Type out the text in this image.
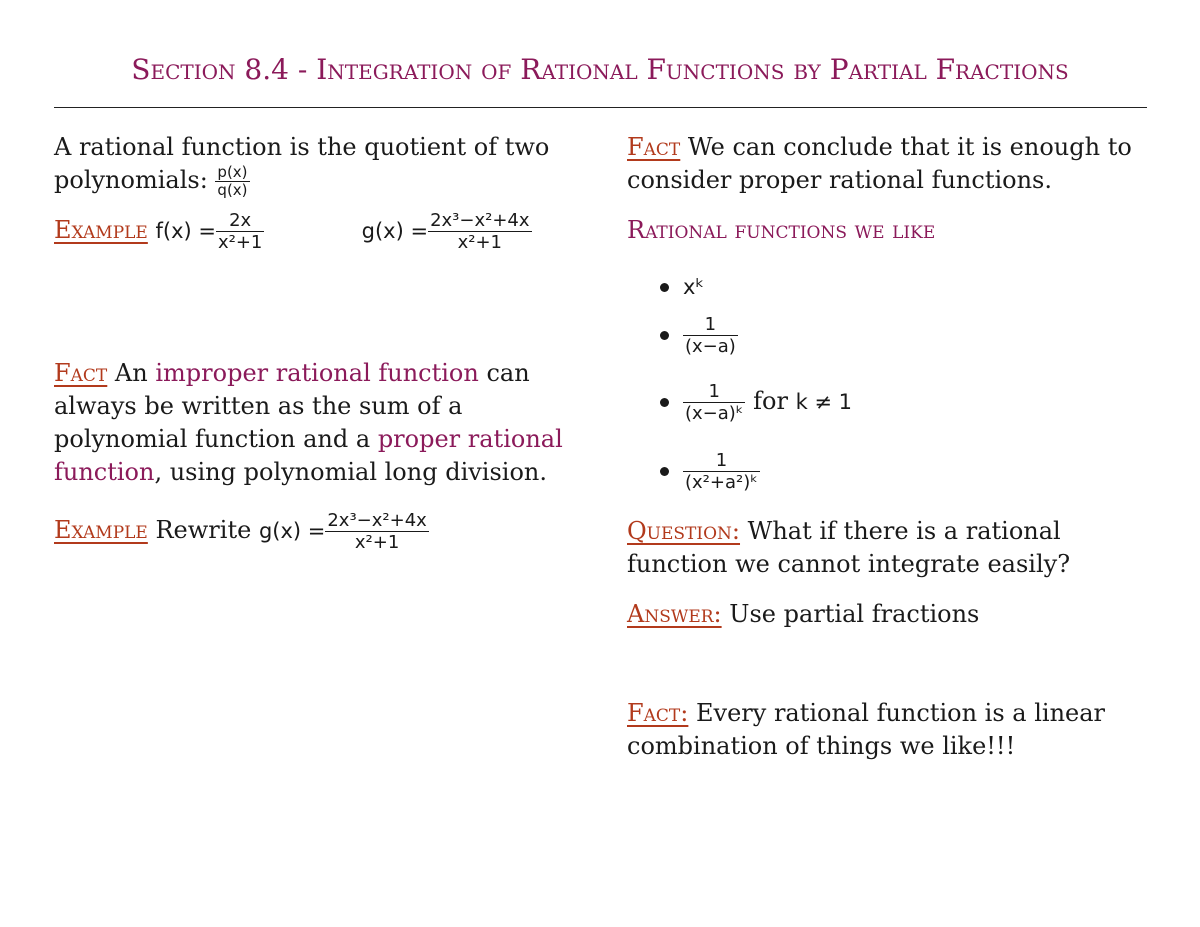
Section 8.4 - Integration of Rational Functions by Partial Fractions
A rational function is the quotient of two
polynomials: $\frac{p(x)}{q(x)}$
Example $f(x) = \frac{2x}{\text{x²+1}}$	$g(x) = \frac{\text{2x³−x²+4x}}{\text{x²+1}}$
Fact An improper rational function can
always be written as the sum of a
polynomial function and a proper rational
function, using polynomial long division.
Example Rewrite $g(x) = \frac{\text{2x³−x²+4x}}{\text{x²+1}}$
Fact We can conclude that it is enough to
consider proper rational functions.
Rational functions we like
xᵏ
$\frac{1}{(x-a)}$
$\frac{1}{\text{(x−a)ᵏ}}$ for k ≠ 1
$\frac{1}{\text{(x²+a²)ᵏ}}$
Question: What if there is a rational
function we cannot integrate easily?
Answer: Use partial fractions
Fact: Every rational function is a linear
combination of things we like!!!
